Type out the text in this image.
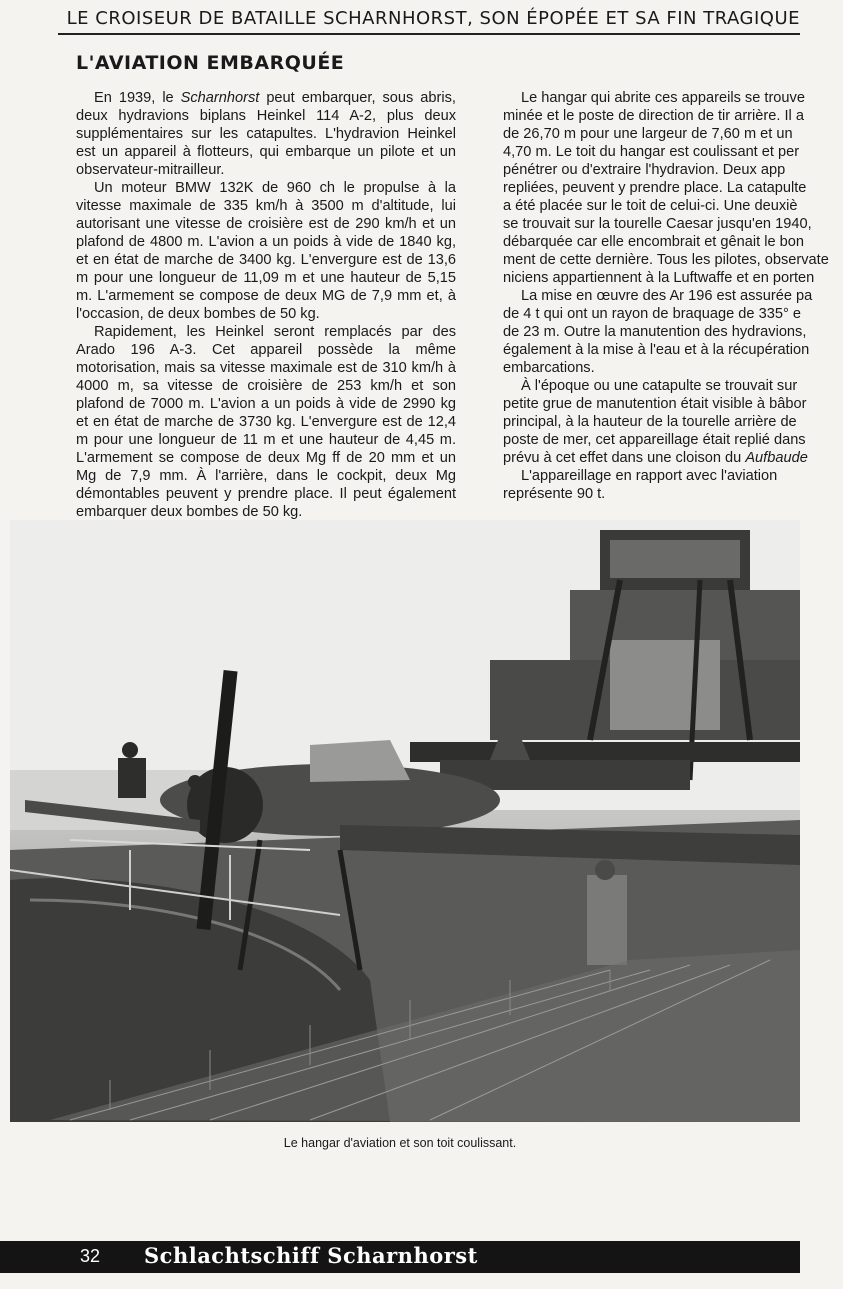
LE CROISEUR DE BATAILLE SCHARNHORST, SON ÉPOPÉE ET SA FIN TRAGIQUE
L'AVIATION EMBARQUÉE

En 1939, le Scharnhorst peut embarquer, sous abris, deux hydravions biplans Heinkel 114 A-2, plus deux supplémentaires sur les catapultes. L'hydravion Heinkel est un appareil à flotteurs, qui embarque un pilote et un observateur-mitrailleur.

Un moteur BMW 132K de 960 ch le propulse à la vitesse maximale de 335 km/h à 3500 m d'altitude, lui autorisant une vitesse de croisière est de 290 km/h et un plafond de 4800 m. L'avion a un poids à vide de 1840 kg, et en état de marche de 3400 kg. L'envergure est de 13,6 m pour une longueur de 11,09 m et une hauteur de 5,15 m. L'armement se compose de deux MG de 7,9 mm et, à l'occasion, de deux bombes de 50 kg.

Rapidement, les Heinkel seront remplacés par des Arado 196 A-3. Cet appareil possède la même motorisation, mais sa vitesse maximale est de 310 km/h à 4000 m, sa vitesse de croisière de 253 km/h et son plafond de 7000 m. L'avion a un poids à vide de 2990 kg et en état de marche de 3730 kg. L'envergure est de 12,4 m pour une longueur de 11 m et une hauteur de 4,45 m. L'armement se compose de deux Mg ff de 20 mm et un Mg de 7,9 mm. À l'arrière, dans le cockpit, deux Mg démontables peuvent y prendre place. Il peut également embarquer deux bombes de 50 kg.

Le hangar qui abrite ces appareils se trouve

minée et le poste de direction de tir arrière. Il a

de 26,70 m pour une largeur de 7,60 m et un

4,70 m. Le toit du hangar est coulissant et per

pénétrer ou d'extraire l'hydravion. Deux app

repliées, peuvent y prendre place. La catapulte

a été placée sur le toit de celui-ci. Une deuxiè

se trouvait sur la tourelle Caesar jusqu'en 1940,

débarquée car elle encombrait et gênait le bon

ment de cette dernière. Tous les pilotes, observate

niciens appartiennent à la Luftwaffe et en porten

La mise en œuvre des Ar 196 est assurée pa

de 4 t qui ont un rayon de braquage de 335° e

de 23 m. Outre la manutention des hydravions,

également à la mise à l'eau et à la récupération

embarcations.

À l'époque ou une catapulte se trouvait sur

petite grue de manutention était visible à bâbor

principal, à la hauteur de la tourelle arrière de

poste de mer, cet appareillage était replié dans

prévu à cet effet dans une cloison du Aufbaude

L'appareillage en rapport avec l'aviation

représente 90 t.

Le hangar d'aviation et son toit coulissant.
32 Schlachtschiff Scharnhorst
